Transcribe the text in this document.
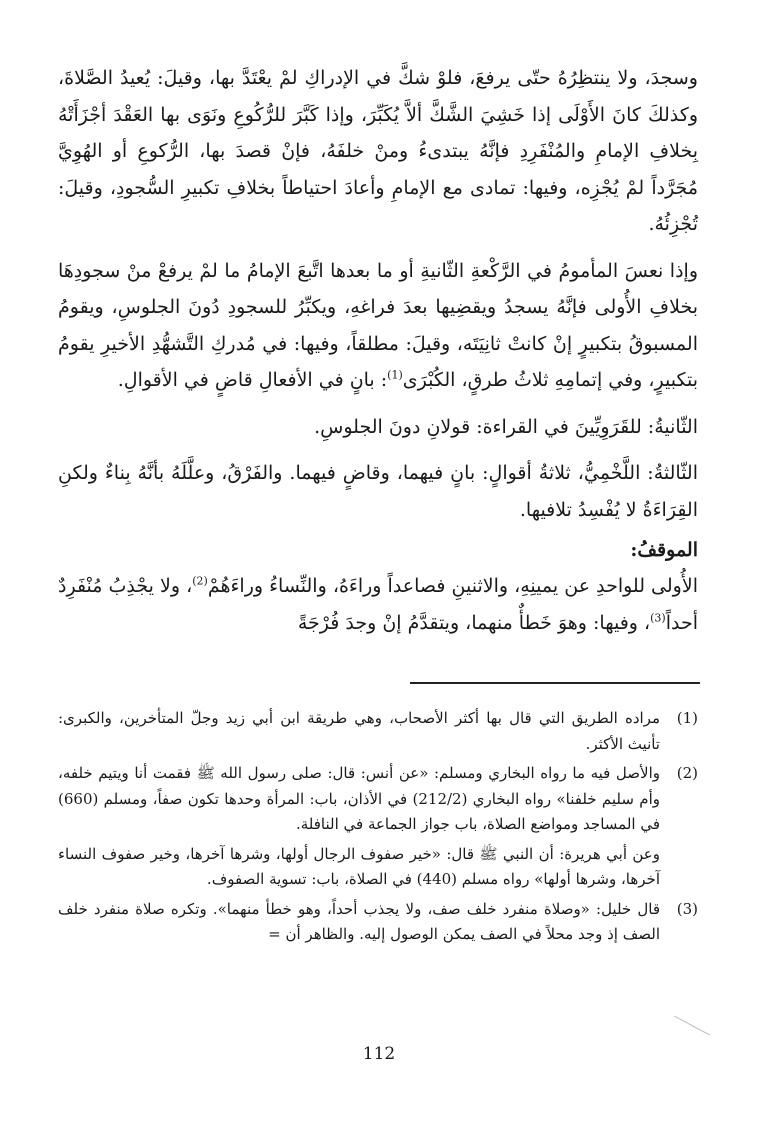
وسجدَ، ولا ينتظِرُهُ حتّى يرفعَ، فلوْ شكَّ في الإدراكِ لمْ يعْتَدَّ بها، وقيلَ: يُعيدُ الصَّلاةَ، وكذلكَ كانَ الأَوْلَى إذا خَشِيَ الشَّكَّ ألاَّ يُكَبِّرَ، وإذا كَبَّرَ للرُّكُوعِ ونَوَى بها العَقْدَ أجْزَأَتْهُ بِخلافِ الإمامِ والمُنْفَرِدِ فإنَّهُ يبتدىءُ ومنْ خلفَهُ، فإنْ قصدَ بها، الرُّكوعِ أو الهُوِيَّ مُجَرَّداً لمْ يُجْزِه، وفيها: تمادى مع الإمامِ وأعادَ احتياطاً بخلافِ تكبيرِ السُّجودِ، وقيلَ: تُجْزِئُهُ.

وإذا نعسَ المأمومُ في الرَّكْعةِ الثّانيةِ أو ما بعدها اتَّبعَ الإمامُ ما لمْ يرفعْ منْ سجودِهَا بخلافِ الأُولى فإنَّهُ يسجدُ ويقضِيها بعدَ فراغهِ، ويكبِّرُ للسجودِ دُونَ الجلوسِ، ويقومُ المسبوقُ بتكبيرٍ إنْ كانتْ ثانِيَتَه، وقيلَ: مطلقاً، وفيها: في مُدركِ التَّشهُّدِ الأخيرِ يقومُ بتكبيرٍ، وفي إتمامِهِ ثلاثُ طرقٍ، الكُبْرَى$^{(1)}$: بانٍ في الأفعالِ قاضٍ في الأقوالِ.

الثّانيةُ: للقَرَوِيِّينَ في القراءة: قولانِ دونَ الجلوسِ.

الثّالثةُ: اللَّخْمِيُّ، ثلاثةُ أقوالٍ: بانٍ فيهما، وقاضٍ فيهما. والفَرْقُ، وعلَّلَهُ بأنَّهُ بِناءٌ ولكنِ القِرَاءَةُ لا يُفْسِدُ تلافيها.

الموقفُ:

الأُولى للواحدِ عن يمينِهِ، والاثنينِ فصاعداً وراءَهُ، والنِّساءُ وراءَهُمْ$^{(2)}$، ولا يجْذِبُ مُنْفَرِدٌ أحداً$^{(3)}$، وفيها: وهوَ خَطأٌ منهما، ويتقدَّمُ إنْ وجدَ فُرْجَةً

(1)

مراده الطريق التي قال بها أكثر الأصحاب، وهي طريقة ابن أبي زيد وجلّ المتأخرين، والكبرى: تأنيث الأكثر.

(2)

والأصل فيه ما رواه البخاري ومسلم: «عن أنس: قال: صلى رسول الله ﷺ فقمت أنا ويتيم خلفه، وأم سليم خلفنا» رواه البخاري (212/2) في الأذان، باب: المرأة وحدها تكون صفاً، ومسلم (660) في المساجد ومواضع الصلاة، باب جواز الجماعة في النافلة.

وعن أبي هريرة: أن النبي ﷺ قال: «خير صفوف الرجال أولها، وشرها آخرها، وخير صفوف النساء آخرها، وشرها أولها» رواه مسلم (440) في الصلاة، باب: تسوية الصفوف.

(3)

قال خليل: «وصلاة منفرد خلف صف، ولا يجذب أحداً، وهو خطأ منهما». وتكره صلاة منفرد خلف الصف إذ وجد محلاً في الصف يمكن الوصول إليه. والظاهر أن =

112
